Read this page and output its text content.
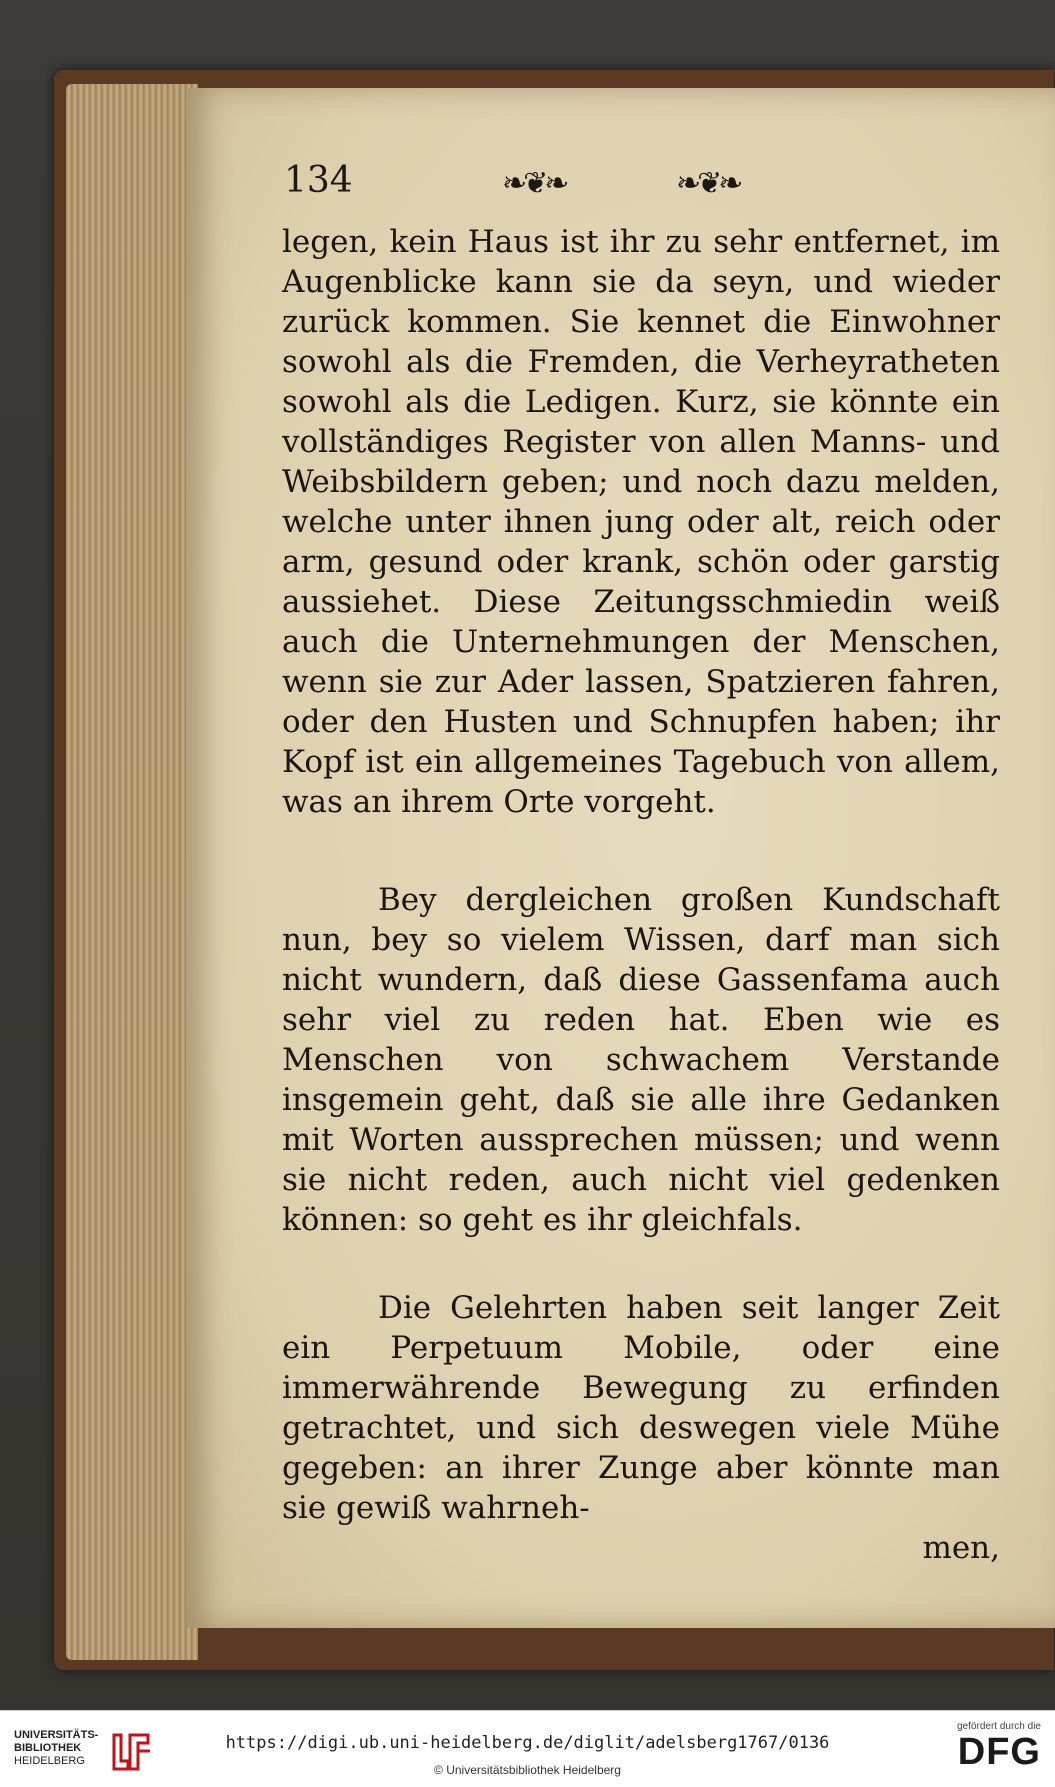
134	❧❦❧	❧❦❧

legen, kein Haus ist ihr zu sehr entfernet, im Augenblicke kann sie da seyn, und wieder zurück kommen. Sie kennet die Einwohner sowohl als die Fremden, die Verheyratheten sowohl als die Ledigen. Kurz, sie könnte ein vollständiges Register von allen Manns- und Weibsbildern geben; und noch dazu melden, welche unter ihnen jung oder alt, reich oder arm, gesund oder krank, schön oder garstig aussiehet. Diese Zeitungsschmiedin weiß auch die Unternehmungen der Menschen, wenn sie zur Ader lassen, Spatzieren fahren, oder den Husten und Schnupfen haben; ihr Kopf ist ein allgemeines Tagebuch von allem, was an ihrem Orte vorgeht.

Bey dergleichen großen Kundschaft nun, bey so vielem Wissen, darf man sich nicht wundern, daß diese Gassenfama auch sehr viel zu reden hat. Eben wie es Menschen von schwachem Verstande insgemein geht, daß sie alle ihre Gedanken mit Worten aussprechen müssen; und wenn sie nicht reden, auch nicht viel gedenken können: so geht es ihr gleichfals.

Die Gelehrten haben seit langer Zeit ein Perpetuum Mobile, oder eine immerwährende Bewegung zu erfinden getrachtet, und sich deswegen viele Mühe gegeben: an ihrer Zunge aber könnte man sie gewiß wahrneh-

men,
UNIVERSITÄTS-
BIBLIOTHEK
HEIDELBERG
https://digi.ub.uni-heidelberg.de/diglit/adelsberg1767/0136
© Universitätsbibliothek Heidelberg
gefördert durch die
DFG
